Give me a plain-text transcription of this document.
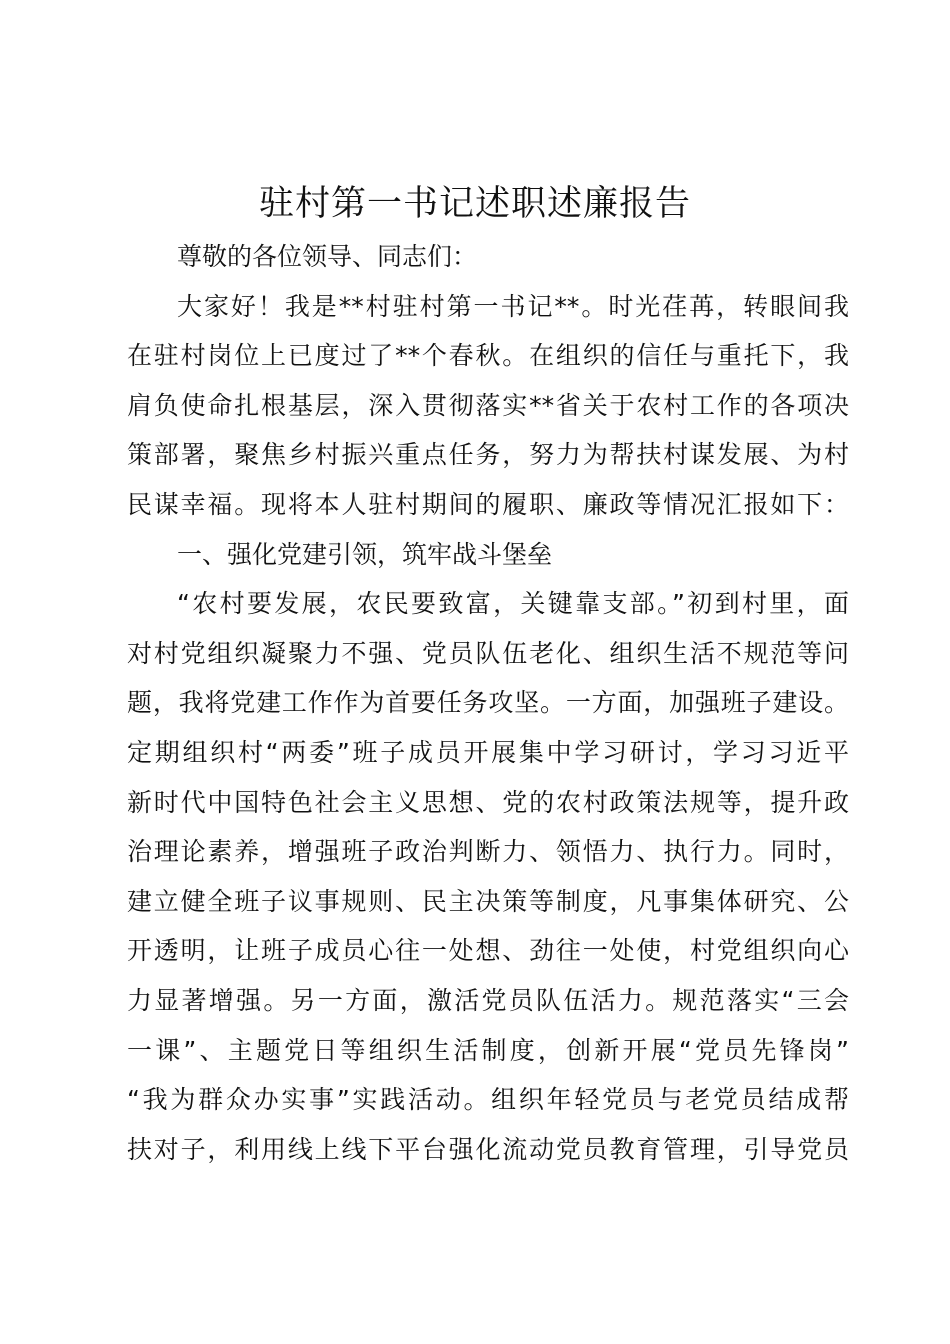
驻村第一书记述职述廉报告
尊敬的各位领导、同志们：
大家好！我是**村驻村第一书记**。时光荏苒，转眼间我
在驻村岗位上已度过了**个春秋。在组织的信任与重托下，我
肩负使命扎根基层，深入贯彻落实**省关于农村工作的各项决
策部署，聚焦乡村振兴重点任务，努力为帮扶村谋发展、为村
民谋幸福。现将本人驻村期间的履职、廉政等情况汇报如下：
一、强化党建引领，筑牢战斗堡垒
“农村要发展，农民要致富，关键靠支部。”初到村里，面
对村党组织凝聚力不强、党员队伍老化、组织生活不规范等问
题，我将党建工作作为首要任务攻坚。一方面，加强班子建设。
定期组织村“两委”班子成员开展集中学习研讨，学习习近平
新时代中国特色社会主义思想、党的农村政策法规等，提升政
治理论素养，增强班子政治判断力、领悟力、执行力。同时，
建立健全班子议事规则、民主决策等制度，凡事集体研究、公
开透明，让班子成员心往一处想、劲往一处使，村党组织向心
力显著增强。另一方面，激活党员队伍活力。规范落实“三会
一课”、主题党日等组织生活制度，创新开展“党员先锋岗”
“我为群众办实事”实践活动。组织年轻党员与老党员结成帮
扶对子，利用线上线下平台强化流动党员教育管理，引导党员
